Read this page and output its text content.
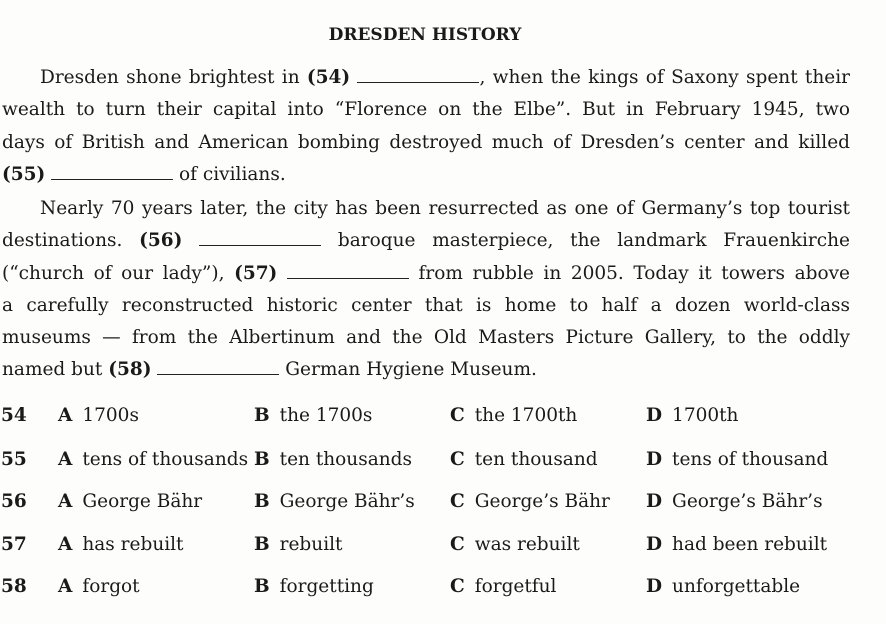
DRESDEN HISTORY
Dresden shone brightest in (54)	, when the kings of Saxony spent their
wealth to turn their capital into “Florence on the Elbe”. But in February 1945, two
days of British and American bombing destroyed much of Dresden’s center and killed
(55)	of civilians.
Nearly 70 years later, the city has been resurrected as one of Germany’s top tourist
destinations. (56)	baroque masterpiece, the landmark Frauenkirche
(“church of our lady”), (57)	from rubble in 2005. Today it towers above
a carefully reconstructed historic center that is home to half a dozen world-class
museums — from the Albertinum and the Old Masters Picture Gallery, to the oddly
named but (58)	German Hygiene Museum.
54 A 1700s	B the 1700s	C the 1700th	D 1700th
55 A tens of thousands B ten thousands C ten thousand	D tens of thousand
56 A George Bähr	B George Bähr’s C George’s Bähr D George’s Bähr’s
57 A has rebuilt	B rebuilt	C was rebuilt	D had been rebuilt
58 A forgot	B forgetting	C forgetful	D unforgettable
